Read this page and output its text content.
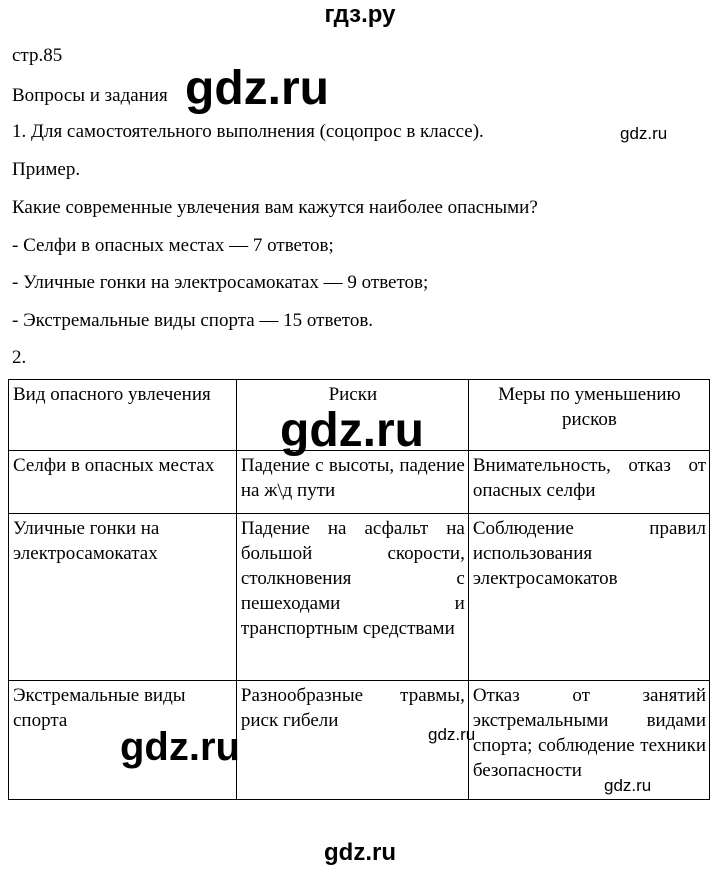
гдз.ру
стр.85
Вопросы и задания
1. Для самостоятельного выполнения (соцопрос в классе).
Пример.
Какие современные увлечения вам кажутся наиболее опасными?
- Селфи в опасных местах — 7 ответов;
- Уличные гонки на электросамокатах — 9 ответов;
- Экстремальные виды спорта — 15 ответов.
2.
Вид опасного увлечения	Риски	Меры по уменьшению рисков
Селфи в опасных местах	Падение с высоты, падение на ж\д пути	Внимательность, отказ от опасных селфи
Уличные гонки на электросамокатах	Падение на асфальт на большой скорости, столкновения с пешеходами и транспортным средствами	Соблюдение правил использования электросамокатов
Экстремальные виды спорта	Разнообразные травмы, риск гибели	Отказ от занятий экстремальными видами спорта; соблюдение техники безопасности
gdz.ru
gdz.ru
gdz.ru
gdz.ru	gdz.ru
gdz.ru
gdz.ru
